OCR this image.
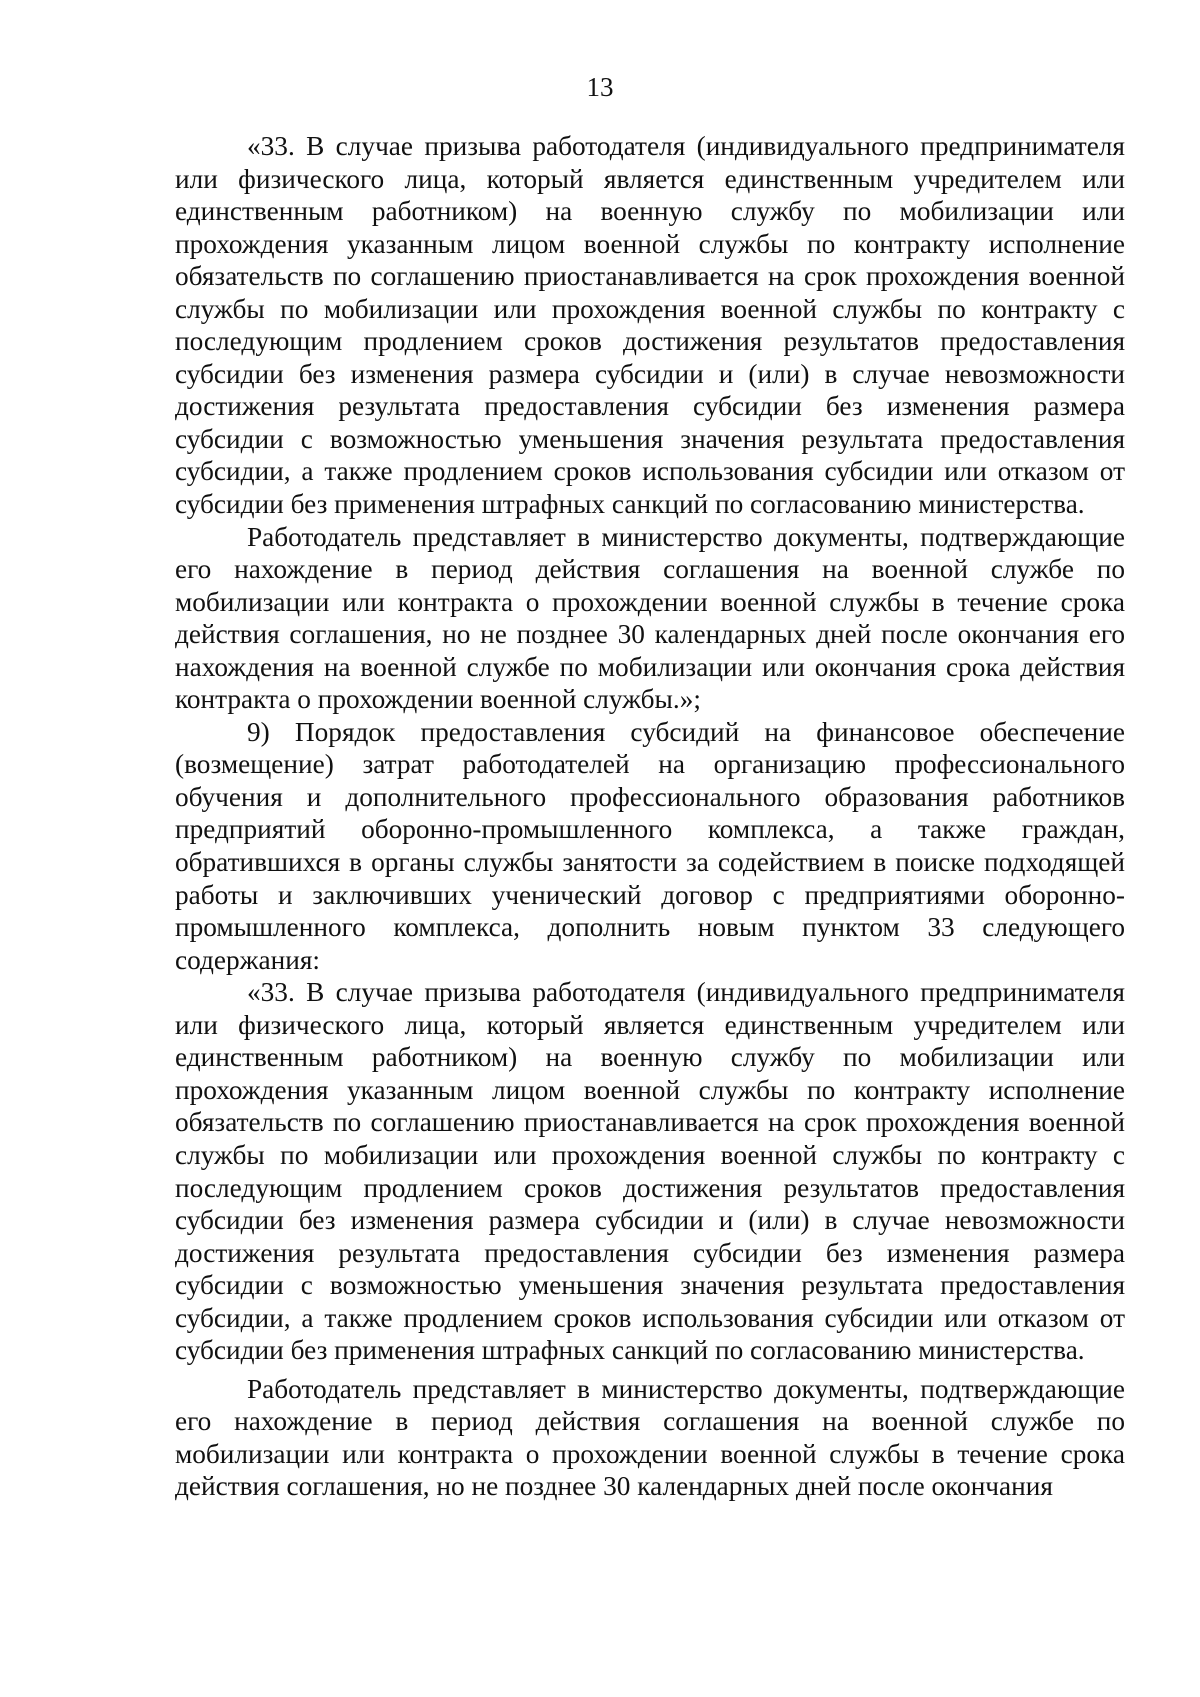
13

«33. В случае призыва работодателя (индивидуального предпринимателя или физического лица, который является единственным учредителем или единственным работником) на военную службу по мобилизации или прохождения указанным лицом военной службы по контракту исполнение обязательств по соглашению приостанавливается на срок прохождения военной службы по мобилизации или прохождения военной службы по контракту с последующим продлением сроков достижения результатов предоставления субсидии без изменения размера субсидии и (или) в случае невозможности достижения результата предоставления субсидии без изменения размера субсидии с возможностью уменьшения значения результата предоставления субсидии, а также продлением сроков использования субсидии или отказом от субсидии без применения штрафных санкций по согласованию министерства.

Работодатель представляет в министерство документы, подтверждающие его нахождение в период действия соглашения на военной службе по мобилизации или контракта о прохождении военной службы в течение срока действия соглашения, но не позднее 30 календарных дней после окончания его нахождения на военной службе по мобилизации или окончания срока действия контракта о прохождении военной службы.»;

9) Порядок предоставления субсидий на финансовое обеспечение (возмещение) затрат работодателей на организацию профессионального обучения и дополнительного профессионального образования работников предприятий оборонно-промышленного комплекса, а также граждан, обратившихся в органы службы занятости за содействием в поиске подходящей работы и заключивших ученический договор с предприятиями оборонно-промышленного комплекса, дополнить новым пунктом 33 следующего содержания:

«33. В случае призыва работодателя (индивидуального предпринимателя или физического лица, который является единственным учредителем или единственным работником) на военную службу по мобилизации или прохождения указанным лицом военной службы по контракту исполнение обязательств по соглашению приостанавливается на срок прохождения военной службы по мобилизации или прохождения военной службы по контракту с последующим продлением сроков достижения результатов предоставления субсидии без изменения размера субсидии и (или) в случае невозможности достижения результата предоставления субсидии без изменения размера субсидии с возможностью уменьшения значения результата предоставления субсидии, а также продлением сроков использования субсидии или отказом от субсидии без применения штрафных санкций по согласованию министерства.

Работодатель представляет в министерство документы, подтверждающие его нахождение в период действия соглашения на военной службе по мобилизации или контракта о прохождении военной службы в течение срока действия соглашения, но не позднее 30 календарных дней после окончания
